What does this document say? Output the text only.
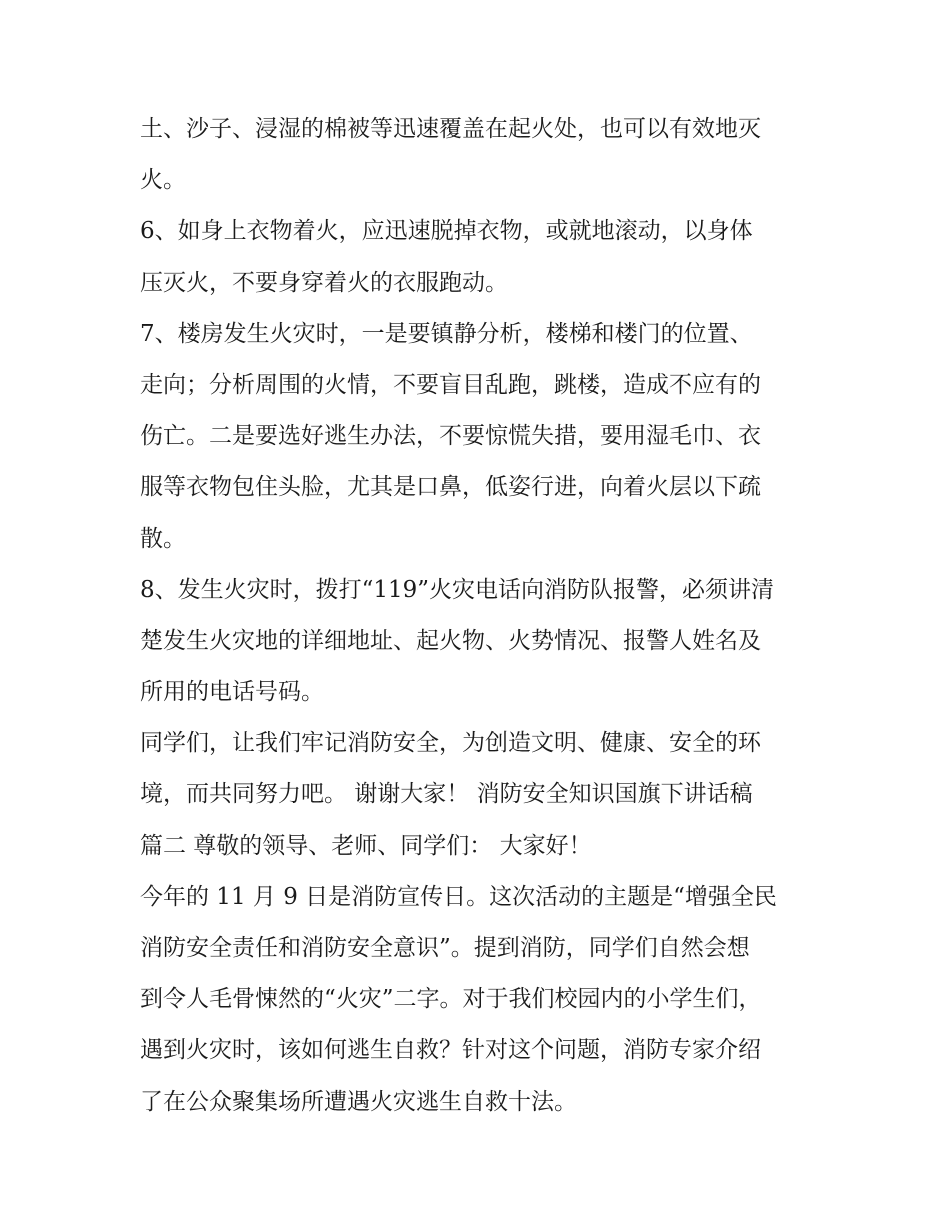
土、沙子、浸湿的棉被等迅速覆盖在起火处，也可以有效地灭
火。
6、如身上衣物着火，应迅速脱掉衣物，或就地滚动，以身体
压灭火，不要身穿着火的衣服跑动。
7、楼房发生火灾时，一是要镇静分析，楼梯和楼门的位置、
走向；分析周围的火情，不要盲目乱跑，跳楼，造成不应有的
伤亡。二是要选好逃生办法，不要惊慌失措，要用湿毛巾、衣
服等衣物包住头脸，尤其是口鼻，低姿行进，向着火层以下疏
散。
8、发生火灾时，拨打“119”火灾电话向消防队报警，必须讲清
楚发生火灾地的详细地址、起火物、火势情况、报警人姓名及
所用的电话号码。
同学们，让我们牢记消防安全，为创造文明、健康、安全的环
境，而共同努力吧。 谢谢大家！ 消防安全知识国旗下讲话稿
篇二 尊敬的领导、老师、同学们： 大家好！
今年的 11 月 9 日是消防宣传日。这次活动的主题是“增强全民
消防安全责任和消防安全意识”。提到消防，同学们自然会想
到令人毛骨悚然的“火灾”二字。对于我们校园内的小学生们，
遇到火灾时，该如何逃生自救？针对这个问题，消防专家介绍
了在公众聚集场所遭遇火灾逃生自救十法。
